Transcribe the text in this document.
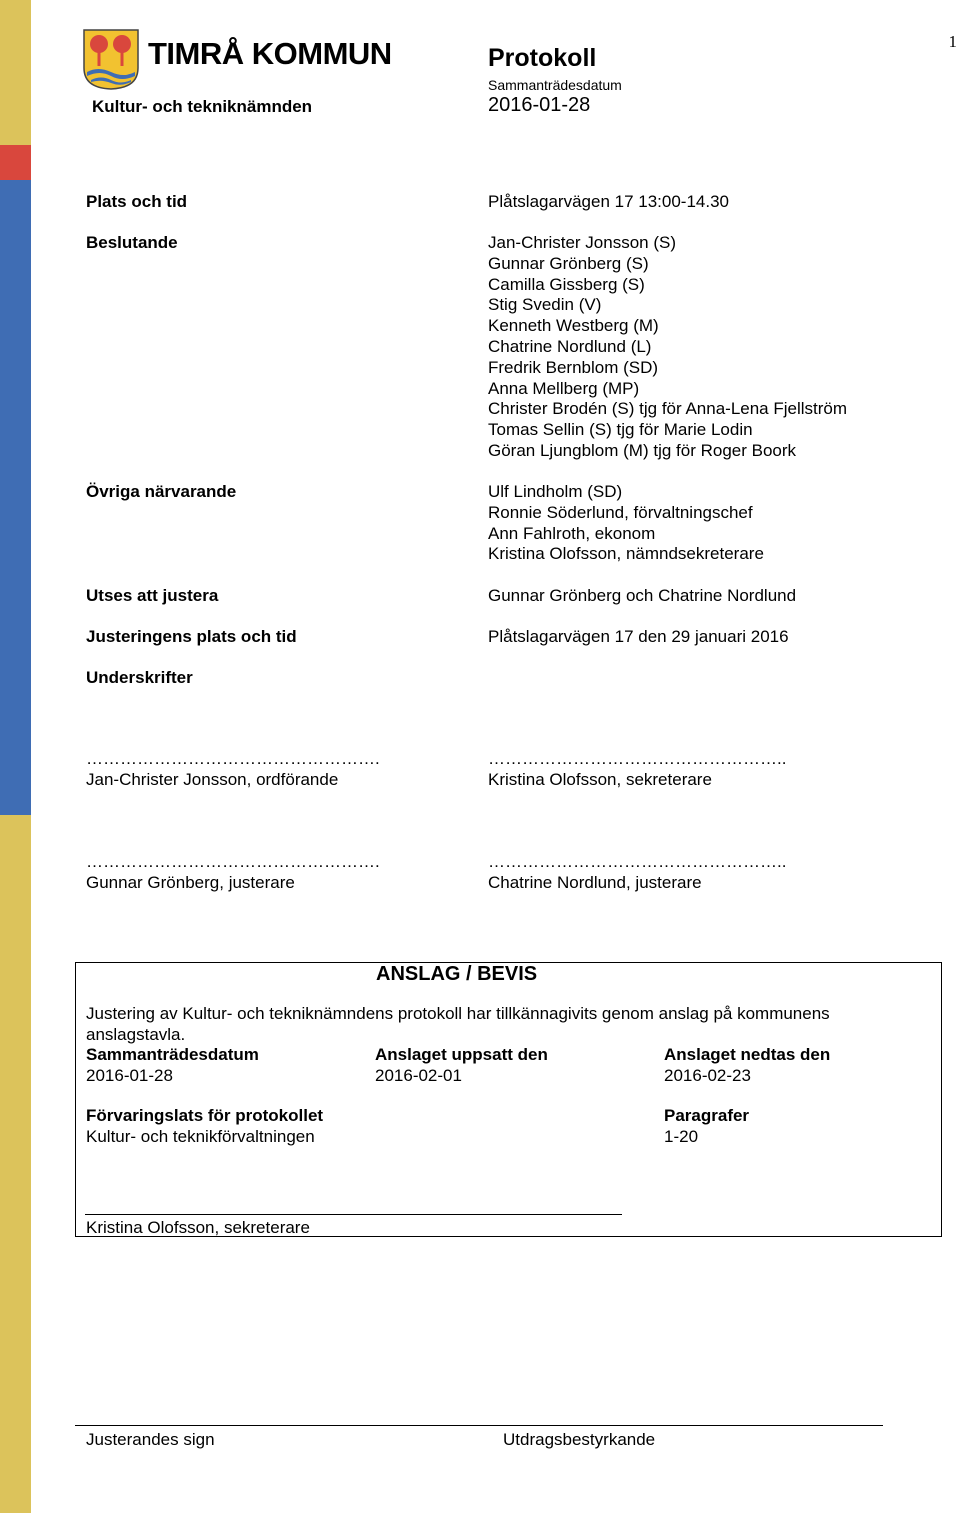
1
TIMRÅ KOMMUN
Kultur- och tekniknämnden
Protokoll
Sammanträdesdatum
2016-01-28
Plats och tid	Plåtslagarvägen 17 13:00-14.30
Beslutande	Jan-Christer Jonsson (S)
Gunnar Grönberg (S)
Camilla Gissberg (S)
Stig Svedin (V)
Kenneth Westberg (M)
Chatrine Nordlund (L)
Fredrik Bernblom (SD)
Anna Mellberg (MP)
Christer Brodén (S) tjg för Anna-Lena Fjellström
Tomas Sellin (S) tjg för Marie Lodin
Göran Ljungblom (M) tjg för Roger Boork
Övriga närvarande	Ulf Lindholm (SD)
Ronnie Söderlund, förvaltningschef
Ann Fahlroth, ekonom
Kristina Olofsson, nämndsekreterare
Utses att justera	Gunnar Grönberg och Chatrine Nordlund
Justeringens plats och tid	Plåtslagarvägen 17 den 29 januari 2016
Underskrifter
…………………………………………….	……………………………………………..
Jan-Christer Jonsson, ordförande	Kristina Olofsson, sekreterare
…………………………………………….	……………………………………………..
Gunnar Grönberg, justerare	Chatrine Nordlund, justerare
ANSLAG / BEVIS
Justering av Kultur- och tekniknämndens protokoll har tillkännagivits genom anslag på kommunens
anslagstavla.
Sammanträdesdatum	Anslaget uppsatt den	Anslaget nedtas den
2016-01-28	2016-02-01	2016-02-23
Förvaringslats för protokollet	Paragrafer
Kultur- och teknikförvaltningen	1-20
Kristina Olofsson, sekreterare
Justerandes sign	Utdragsbestyrkande
